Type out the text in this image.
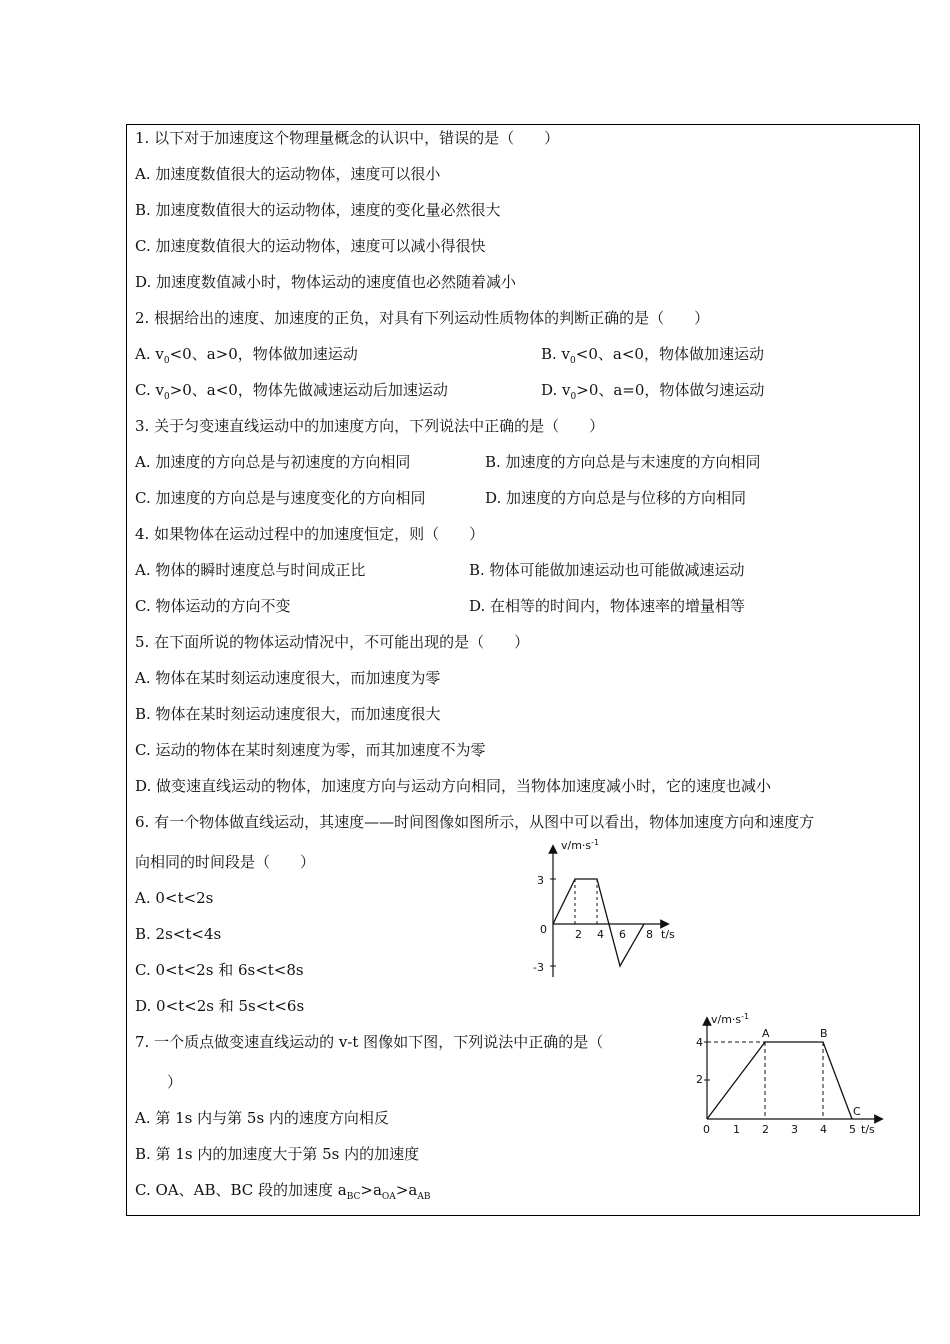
1. 以下对于加速度这个物理量概念的认识中，错误的是（　　）
A. 加速度数值很大的运动物体，速度可以很小
B. 加速度数值很大的运动物体，速度的变化量必然很大
C. 加速度数值很大的运动物体，速度可以减小得很快
D. 加速度数值减小时，物体运动的速度值也必然随着减小
2. 根据给出的速度、加速度的正负，对具有下列运动性质物体的判断正确的是（　　）
A. $v_0<0$、a>0，物体做加速运动	B. $v_0<0$、a<0，物体做加速运动
C. $v_0>0$、a<0，物体先做减速运动后加速运动	D. $v_0>0$、a=0，物体做匀速运动
3. 关于匀变速直线运动中的加速度方向，下列说法中正确的是（　　）
A. 加速度的方向总是与初速度的方向相同	B. 加速度的方向总是与末速度的方向相同
C. 加速度的方向总是与速度变化的方向相同	D. 加速度的方向总是与位移的方向相同
4. 如果物体在运动过程中的加速度恒定，则（　　）
A. 物体的瞬时速度总与时间成正比	B. 物体可能做加速运动也可能做减速运动
C. 物体运动的方向不变	D. 在相等的时间内，物体速率的增量相等
5. 在下面所说的物体运动情况中，不可能出现的是（　　）
A. 物体在某时刻运动速度很大，而加速度为零
B. 物体在某时刻运动速度很大，而加速度很大
C. 运动的物体在某时刻速度为零，而其加速度不为零
D. 做变速直线运动的物体，加速度方向与运动方向相同，当物体加速度减小时，它的速度也减小
6. 有一个物体做直线运动，其速度——时间图像如图所示，从图中可以看出，物体加速度方向和速度方
向相同的时间段是（　　）
A. 0<t<2s
B. 2s<t<4s
C. 0<t<2s 和 6s<t<8s
D. 0<t<2s 和 5s<t<6s
7. 一个质点做变速直线运动的 v-t 图像如下图，下列说法中正确的是（
）
A. 第 1s 内与第 5s 内的速度方向相反
B. 第 1s 内的加速度大于第 5s 内的加速度
C. OA、AB、BC 段的加速度 $a_{BC}>a_{OA}>a_{AB}$
$v/m\cdot s^{-1}$
t/s
0
3
-3
2 4 6 8
$v/m\cdot s^{-1}$
t/s
0
4
2
1 2 3 4 5
A	B
C
